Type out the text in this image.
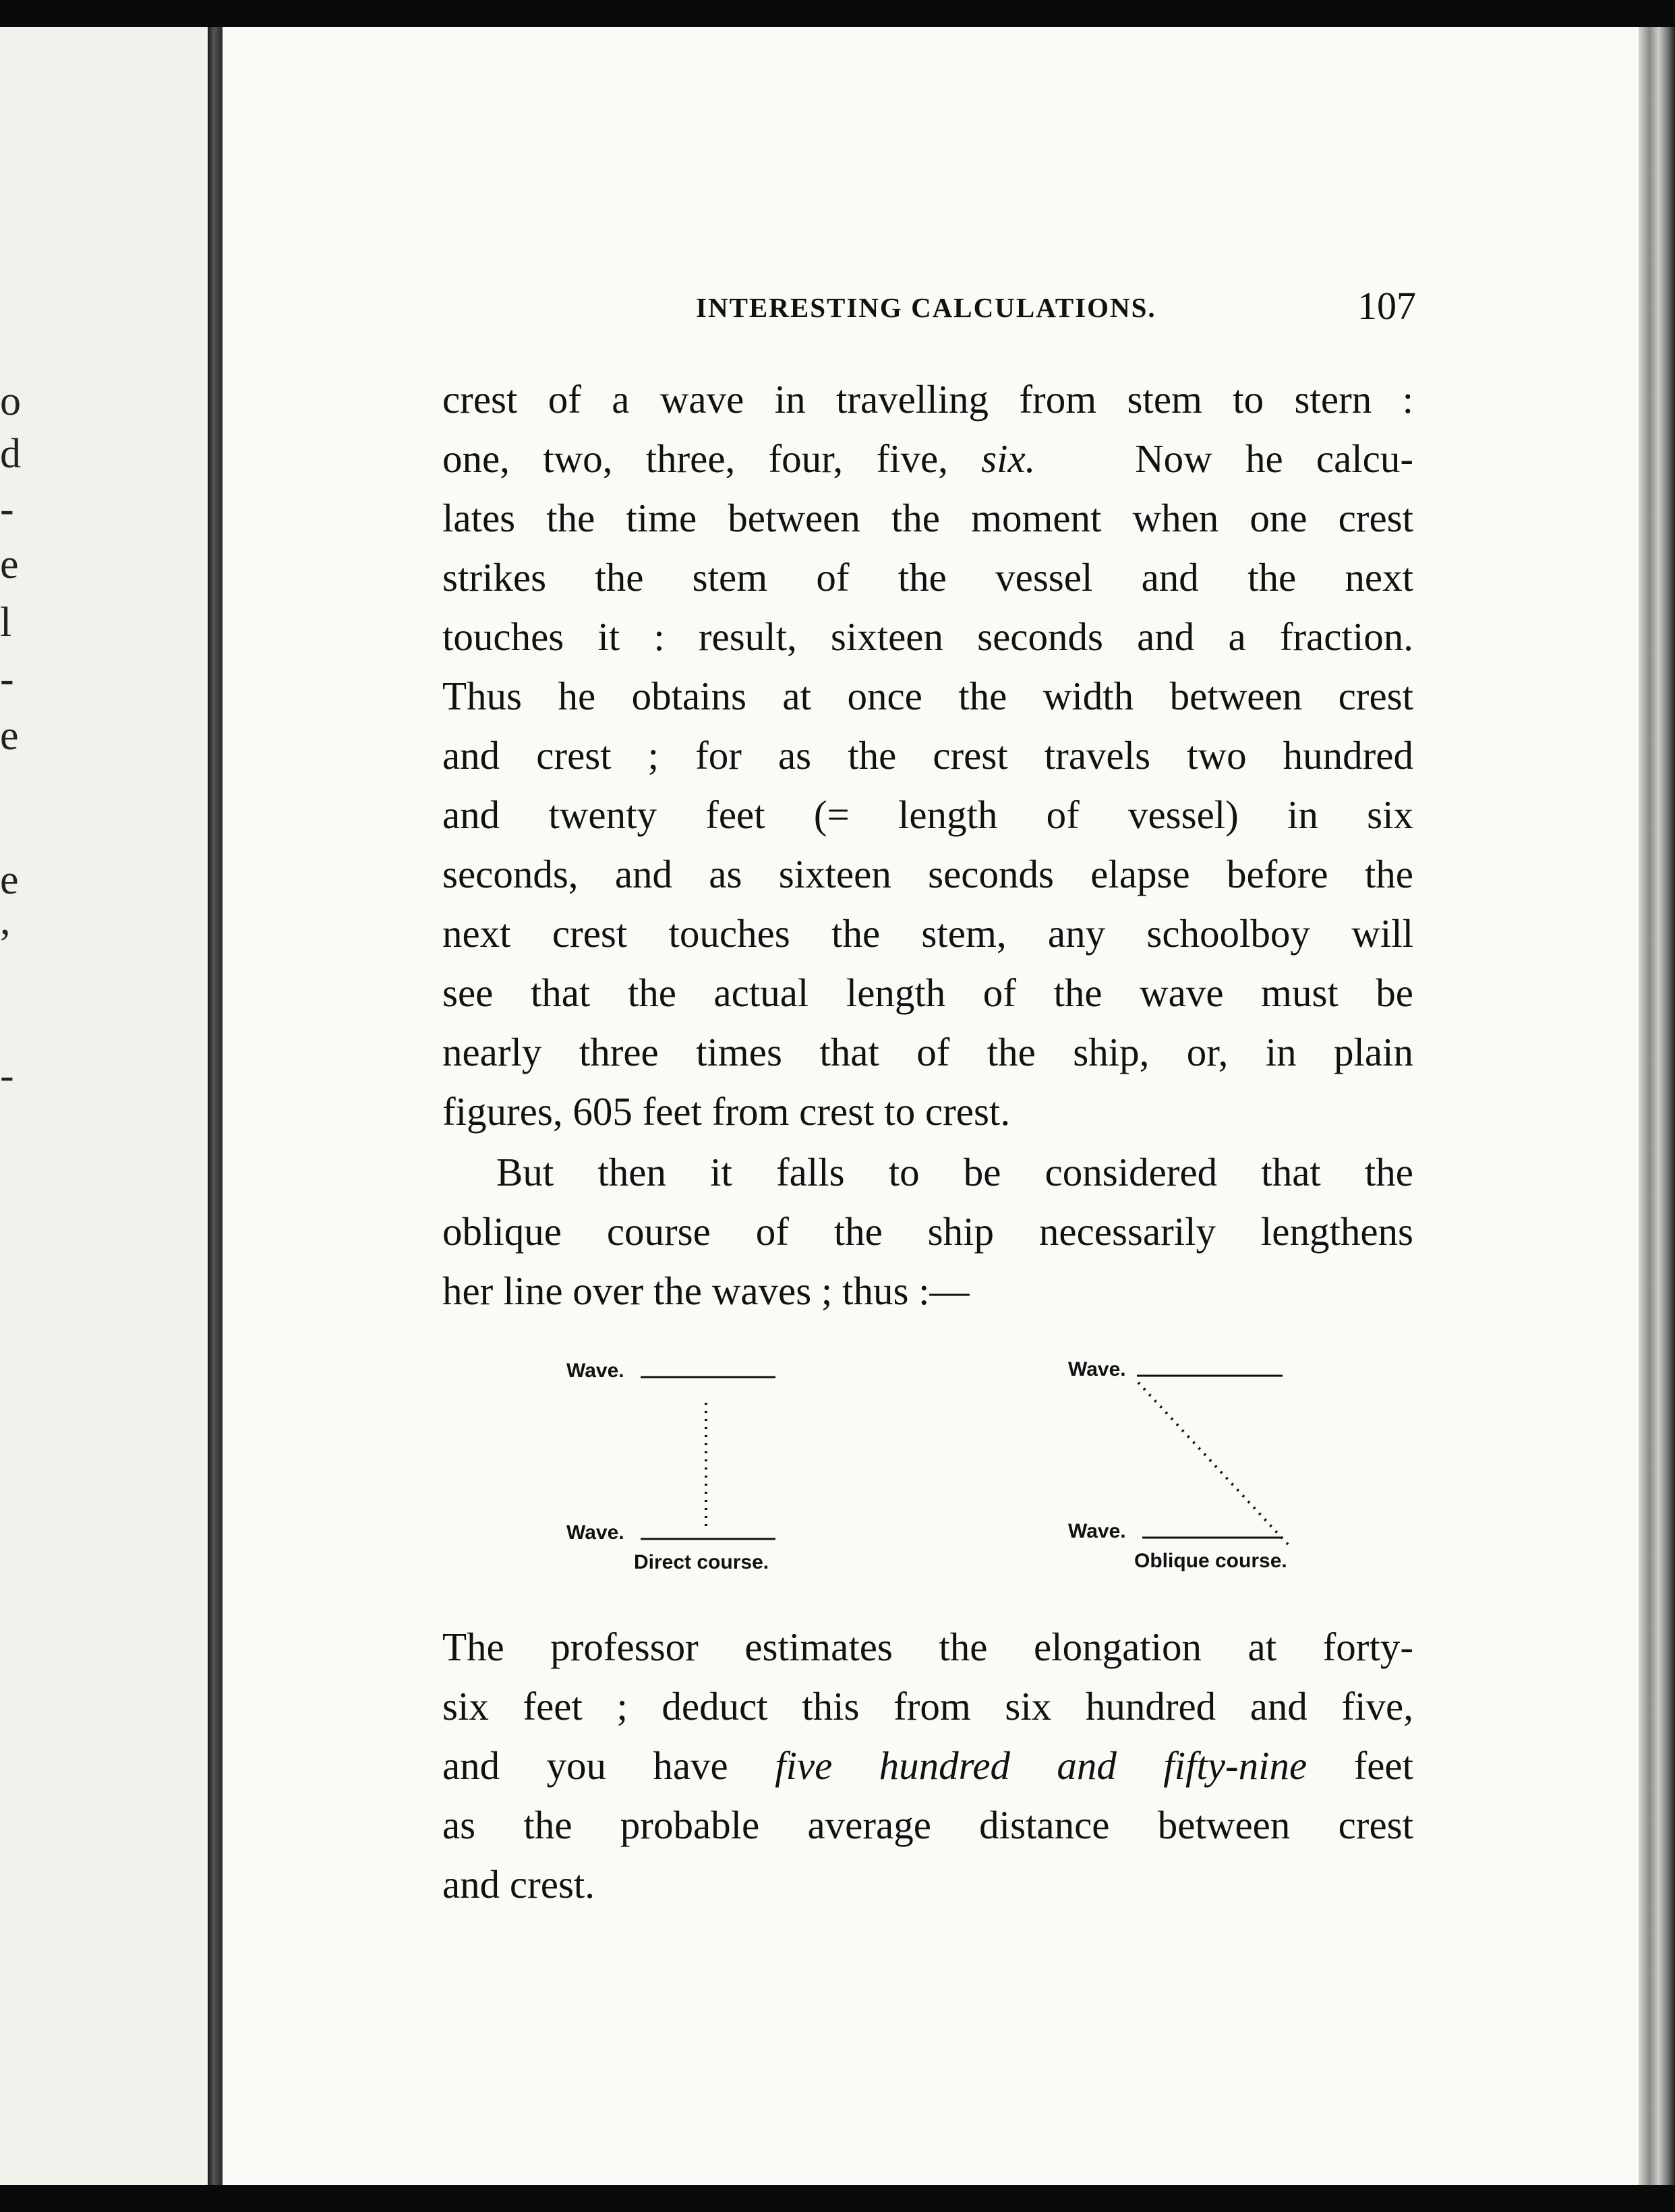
o
d
-
e
l
-
e
e
,
-
INTERESTING CALCULATIONS.	107
crest of a wave in travelling from stem to stern :
one, two, three, four, five, six.	Now he calcu-
lates the time between the moment when one crest
strikes the stem of the vessel and the next
touches it : result, sixteen seconds and a fraction.
Thus he obtains at once the width between crest
and crest ; for as the crest travels two hundred
and twenty feet (= length of vessel) in six
seconds, and as sixteen seconds elapse before the
next crest touches the stem, any schoolboy will
see that the actual length of the wave must be
nearly three times that of the ship, or, in plain
figures, 605 feet from crest to crest.
But then it falls to be considered that the
oblique course of the ship necessarily lengthens
her line over the waves ; thus :—
Wave.
Wave.
Direct course.
Wave.
Wave.
Oblique course.
The professor estimates the elongation at forty-
six feet ; deduct this from six hundred and five,
and you have five hundred and fifty-nine feet
as the probable average distance between crest
and crest.
